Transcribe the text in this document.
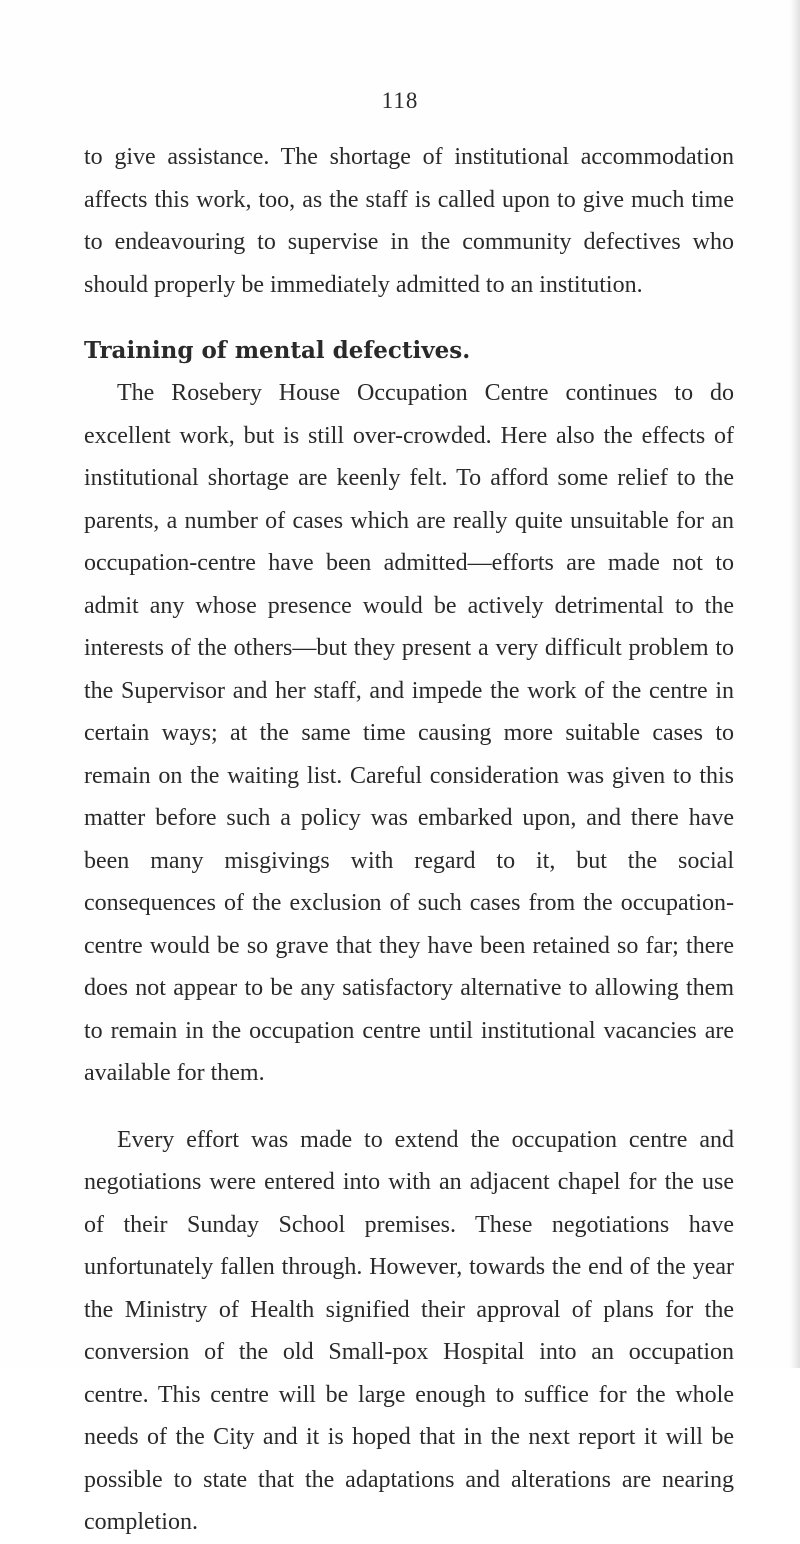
118

to give assistance. The shortage of institutional accommodation affects this work, too, as the staff is called upon to give much time to endeavouring to supervise in the community defectives who should properly be immediately admitted to an institution.

Training of mental defectives.

The Rosebery House Occupation Centre continues to do excellent work, but is still over-crowded. Here also the effects of institutional shortage are keenly felt. To afford some relief to the parents, a number of cases which are really quite unsuitable for an occupation-centre have been admitted—efforts are made not to admit any whose presence would be actively detrimental to the interests of the others—but they present a very difficult problem to the Supervisor and her staff, and impede the work of the centre in certain ways; at the same time causing more suitable cases to remain on the waiting list. Careful consideration was given to this matter before such a policy was embarked upon, and there have been many misgivings with regard to it, but the social consequences of the exclusion of such cases from the occupation-centre would be so grave that they have been retained so far; there does not appear to be any satisfactory alternative to allowing them to remain in the occupation centre until institutional vacancies are available for them.

Every effort was made to extend the occupation centre and negotiations were entered into with an adjacent chapel for the use of their Sunday School premises. These negotiations have unfortunately fallen through. However, towards the end of the year the Ministry of Health signified their approval of plans for the conversion of the old Small-pox Hospital into an occupation centre. This centre will be large enough to suffice for the whole needs of the City and it is hoped that in the next report it will be possible to state that the adaptations and alterations are nearing completion.
